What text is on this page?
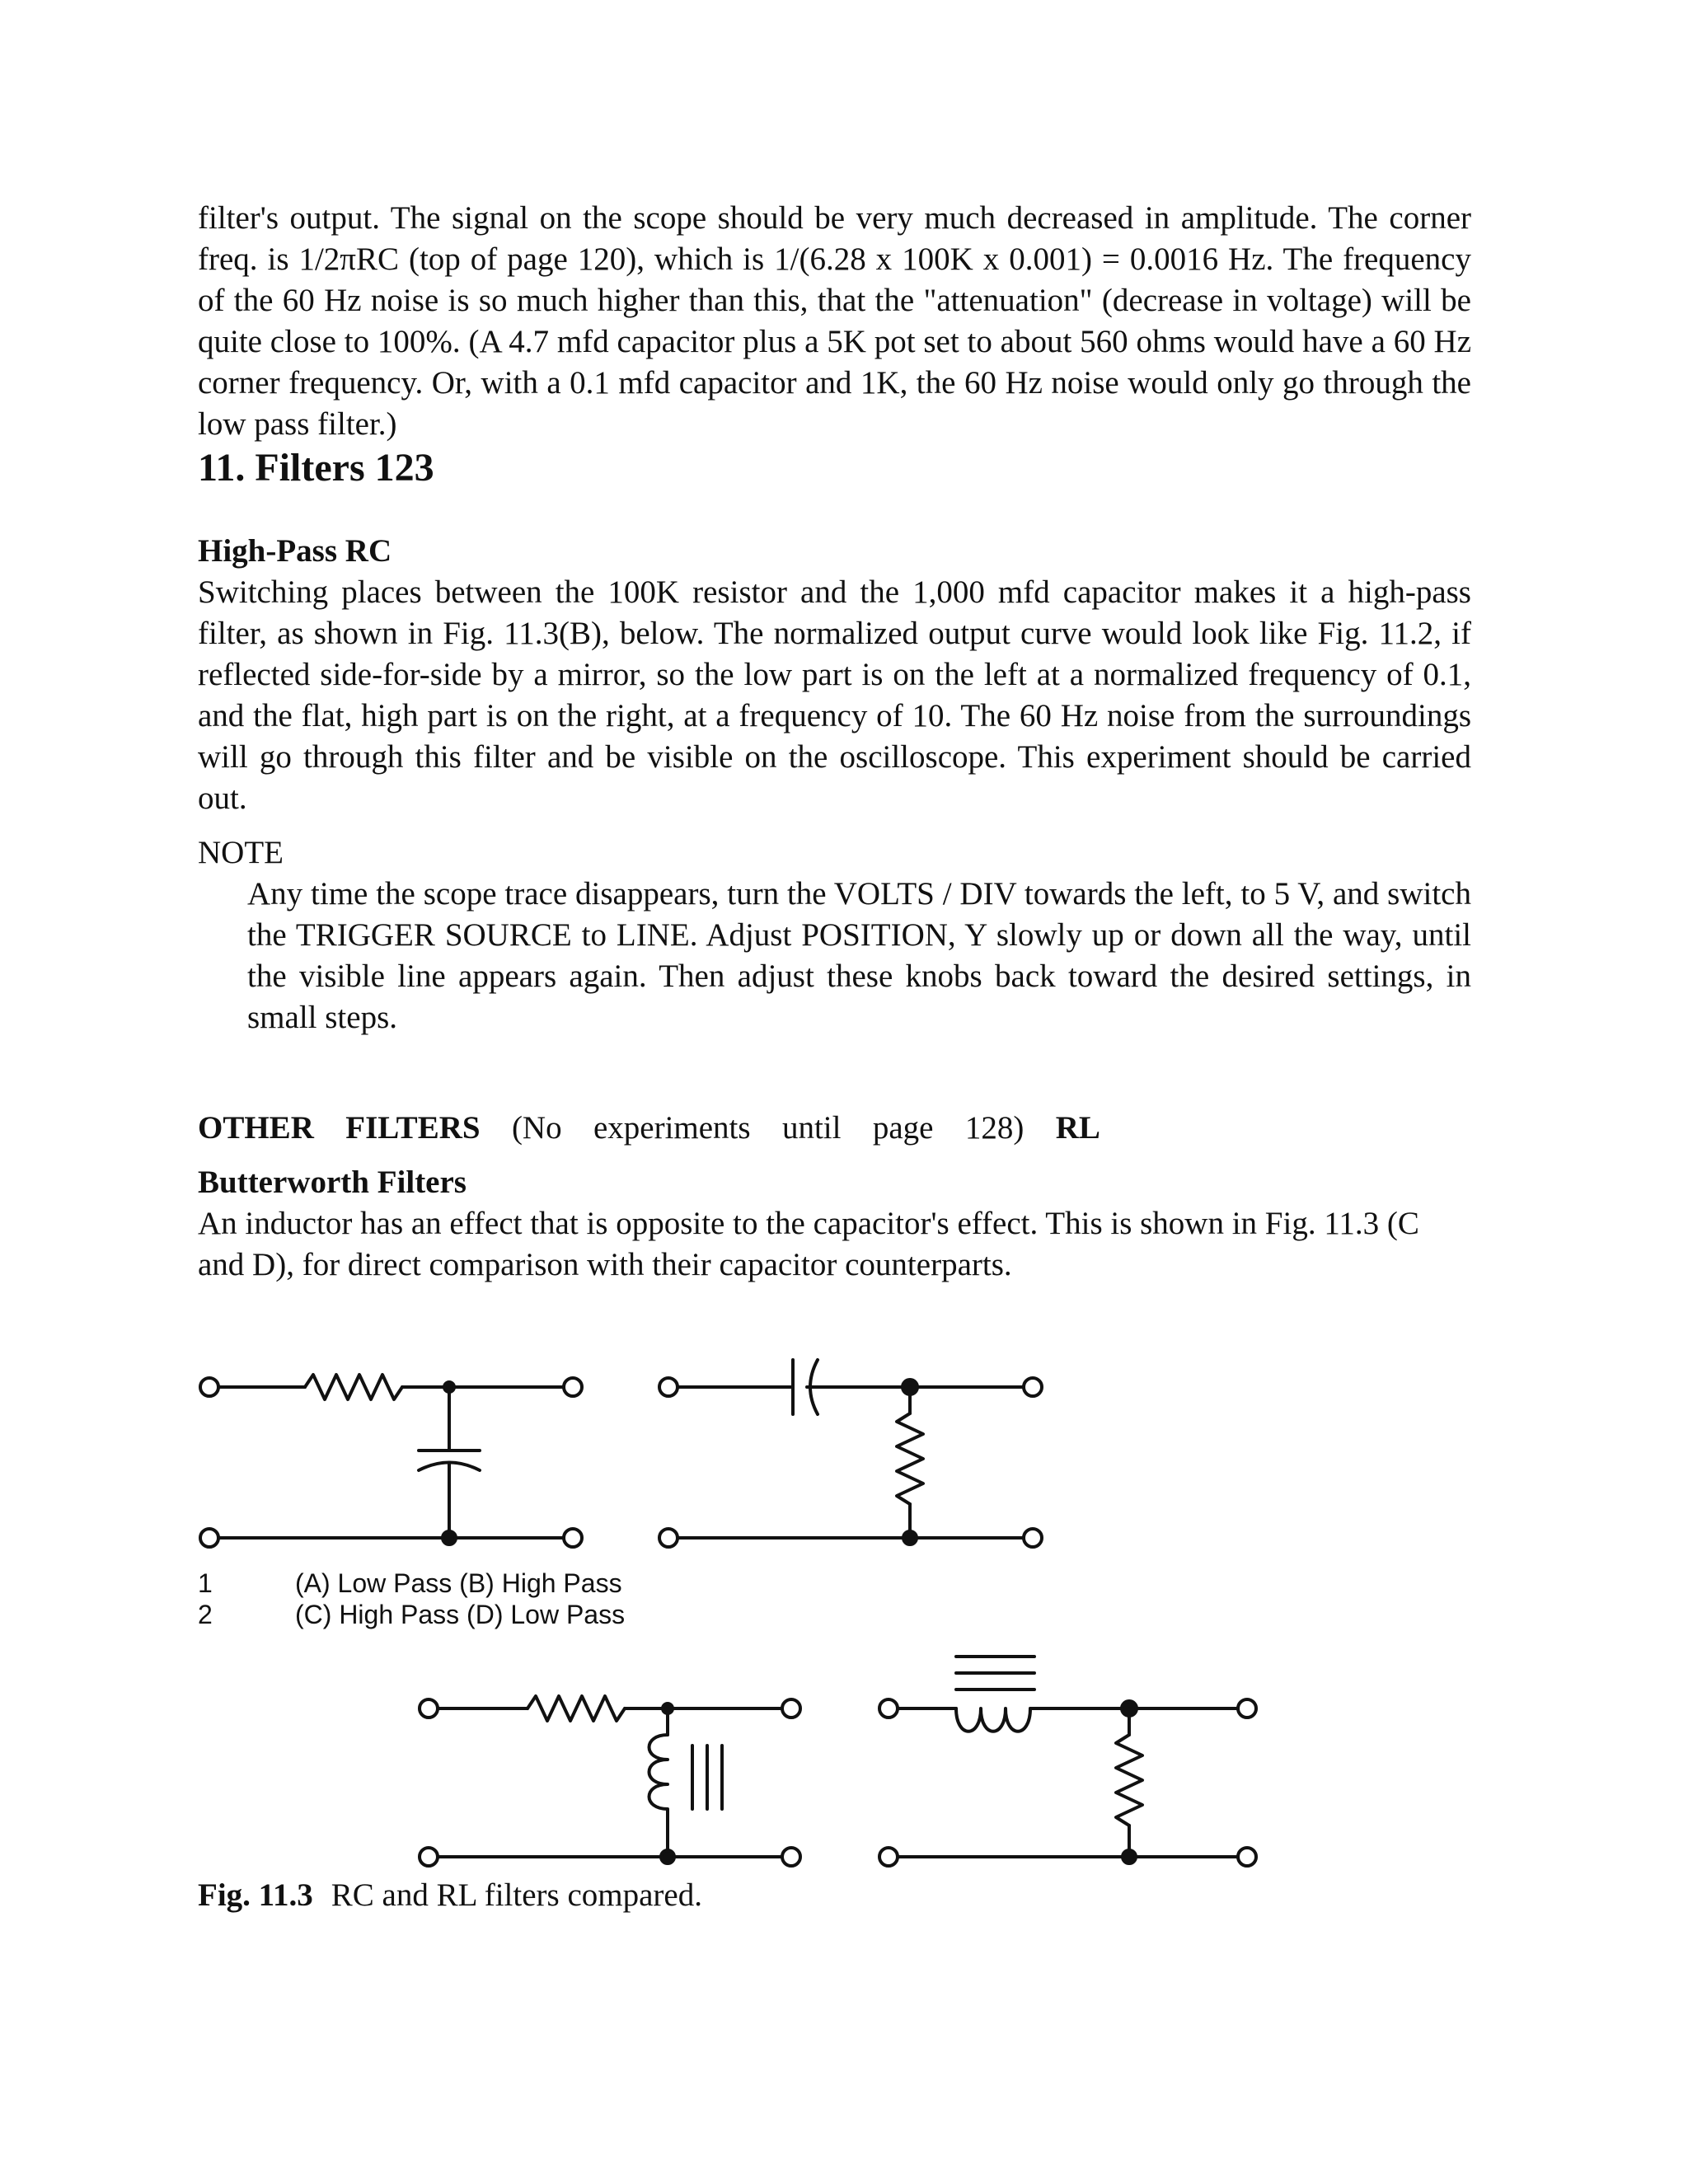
filter's output. The signal on the scope should be very much decreased in amplitude. The corner freq. is 1/2πRC (top of page 120), which is 1/(6.28 x 100K x 0.001) = 0.0016 Hz. The frequency of the 60 Hz noise is so much higher than this, that the "attenuation" (decrease in voltage) will be quite close to 100%. (A 4.7 mfd capacitor plus a 5K pot set to about 560 ohms would have a 60 Hz corner frequency. Or, with a 0.1 mfd capacitor and 1K, the 60 Hz noise would only go through the low pass filter.)

11. Filters 123

High-Pass RC

Switching places between the 100K resistor and the 1,000 mfd capacitor makes it a high-pass filter, as shown in Fig. 11.3(B), below. The normalized output curve would look like Fig. 11.2, if reflected side-for-side by a mirror, so the low part is on the left at a normalized frequency of 0.1, and the flat, high part is on the right, at a frequency of 10. The 60 Hz noise from the surroundings will go through this filter and be visible on the oscilloscope. This experiment should be carried out.

NOTE

Any time the scope trace disappears, turn the VOLTS / DIV towards the left, to 5 V, and switch the TRIGGER SOURCE to LINE. Adjust POSITION, Y slowly up or down all the way, until the visible line appears again. Then adjust these knobs back toward the desired settings, in small steps.

OTHER FILTERS (No experiments until page 128) RL

Butterworth Filters

An inductor has an effect that is opposite to the capacitor's effect. This is shown in Fig. 11.3 (C and D), for direct comparison with their capacitor counterparts.

1
2
(A) Low Pass (B) High Pass
(C) High Pass (D) Low Pass
Fig. 11.3 RC and RL filters compared.
